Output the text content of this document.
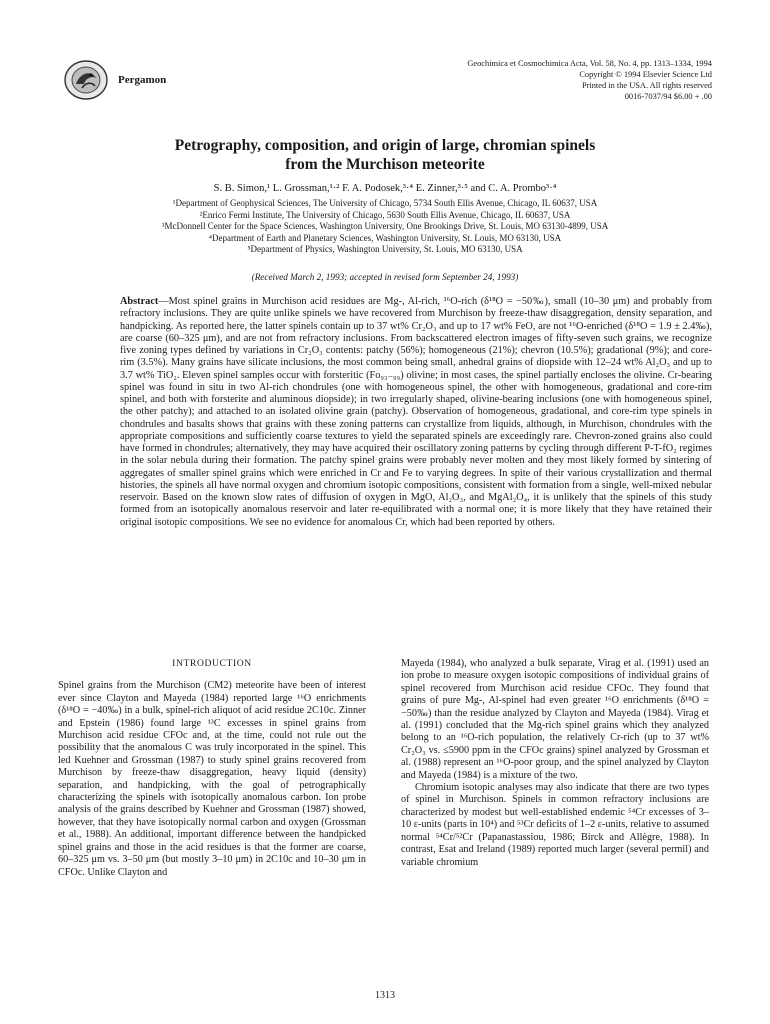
Pergamon
Geochimica et Cosmochimica Acta, Vol. 58, No. 4, pp. 1313–1334, 1994
Copyright © 1994 Elsevier Science Ltd
Printed in the USA. All rights reserved
0016-7037/94 $6.00 + .00
Petrography, composition, and origin of large, chromian spinels
from the Murchison meteorite
S. B. Simon,¹ L. Grossman,¹·² F. A. Podosek,³·⁴ E. Zinner,³·⁵ and C. A. Prombo³·⁴
¹Department of Geophysical Sciences, The University of Chicago, 5734 South Ellis Avenue, Chicago, IL 60637, USA
²Enrico Fermi Institute, The University of Chicago, 5630 South Ellis Avenue, Chicago, IL 60637, USA
³McDonnell Center for the Space Sciences, Washington University, One Brookings Drive, St. Louis, MO 63130-4899, USA
⁴Department of Earth and Planetary Sciences, Washington University, St. Louis, MO 63130, USA
⁵Department of Physics, Washington University, St. Louis, MO 63130, USA
(Received March 2, 1993; accepted in revised form September 24, 1993)

Abstract—Most spinel grains in Murchison acid residues are Mg-, Al-rich, ¹⁶O-rich (δ¹⁸O = −50‰), small (10–30 μm) and probably from refractory inclusions. They are quite unlike spinels we have recovered from Murchison by freeze-thaw disaggregation, density separation, and handpicking. As reported here, the latter spinels contain up to 37 wt% Cr₂O₃ and up to 17 wt% FeO, are not ¹⁶O-enriched (δ¹⁸O = 1.9 ± 2.4‰), are coarse (60–325 μm), and are not from refractory inclusions. From backscattered electron images of fifty-seven such grains, we recognize five zoning types defined by variations in Cr₂O₃ contents: patchy (56%); homogeneous (21%); chevron (10.5%); gradational (9%); and core-rim (3.5%). Many grains have silicate inclusions, the most common being small, anhedral grains of diopside with 12–24 wt% Al₂O₃ and up to 3.7 wt% TiO₂. Eleven spinel samples occur with forsteritic (Fo₉₃₋₉₉) olivine; in most cases, the spinel partially encloses the olivine. Cr-bearing spinel was found in situ in two Al-rich chondrules (one with homogeneous spinel, the other with homogeneous, gradational and core-rim spinel, and both with forsterite and aluminous diopside); in two irregularly shaped, olivine-bearing inclusions (one with homogeneous spinel, the other patchy); and attached to an isolated olivine grain (patchy). Observation of homogeneous, gradational, and core-rim type spinels in chondrules and basalts shows that grains with these zoning patterns can crystallize from liquids, although, in Murchison, chondrules with the appropriate compositions and sufficiently coarse textures to yield the separated spinels are exceedingly rare. Chevron-zoned grains also could have formed in chondrules; alternatively, they may have acquired their oscillatory zoning patterns by cycling through different P-T-fO₂ regimes in the solar nebula during their formation. The patchy spinel grains were probably never molten and they most likely formed by sintering of aggregates of smaller spinel grains which were enriched in Cr and Fe to varying degrees. In spite of their various crystallization and thermal histories, the spinels all have normal oxygen and chromium isotopic compositions, consistent with formation from a single, well-mixed nebular reservoir. Based on the known slow rates of diffusion of oxygen in MgO, Al₂O₃, and MgAl₂O₄, it is unlikely that the spinels of this study formed from an isotopically anomalous reservoir and later re-equilibrated with a normal one; it is more likely that they have retained their original isotopic compositions. We see no evidence for anomalous Cr, which had been reported by others.

INTRODUCTION

Spinel grains from the Murchison (CM2) meteorite have been of interest ever since Clayton and Mayeda (1984) reported large ¹⁶O enrichments (δ¹⁸O = −40‰) in a bulk, spinel-rich aliquot of acid residue 2C10c. Zinner and Epstein (1986) found large ¹³C excesses in spinel grains from Murchison acid residue CFOc and, at the time, could not rule out the possibility that the anomalous C was truly incorporated in the spinel. This led Kuehner and Grossman (1987) to study spinel grains recovered from Murchison by freeze-thaw disaggregation, heavy liquid (density) separation, and handpicking, with the goal of petrographically characterizing the spinels with isotopically anomalous carbon. Ion probe analysis of the grains described by Kuehner and Grossman (1987) showed, however, that they have isotopically normal carbon and oxygen (Grossman et al., 1988). An additional, important difference between the handpicked spinel grains and those in the acid residues is that the former are coarse, 60–325 μm vs. 3–50 μm (but mostly 3–10 μm) in 2C10c and 10–30 μm in CFOc. Unlike Clayton and

Mayeda (1984), who analyzed a bulk separate, Virag et al. (1991) used an ion probe to measure oxygen isotopic compositions of individual grains of spinel recovered from Murchison acid residue CFOc. They found that grains of pure Mg-, Al-spinel had even greater ¹⁶O enrichments (δ¹⁸O = −50‰) than the residue analyzed by Clayton and Mayeda (1984). Virag et al. (1991) concluded that the Mg-rich spinel grains which they analyzed belong to an ¹⁶O-rich population, the relatively Cr-rich (up to 37 wt% Cr₂O₃ vs. ≤5900 ppm in the CFOc grains) spinel analyzed by Grossman et al. (1988) represent an ¹⁶O-poor group, and the spinel analyzed by Clayton and Mayeda (1984) is a mixture of the two.

Chromium isotopic analyses may also indicate that there are two types of spinel in Murchison. Spinels in common refractory inclusions are characterized by modest but well-established endemic ⁵⁴Cr excesses of 3–10 ε-units (parts in 10⁴) and ⁵³Cr deficits of 1–2 ε-units, relative to assumed normal ⁵⁴Cr/⁵²Cr (Papanastassiou, 1986; Birck and Allègre, 1988). In contrast, Esat and Ireland (1989) reported much larger (several permil) and variable chromium

1313
